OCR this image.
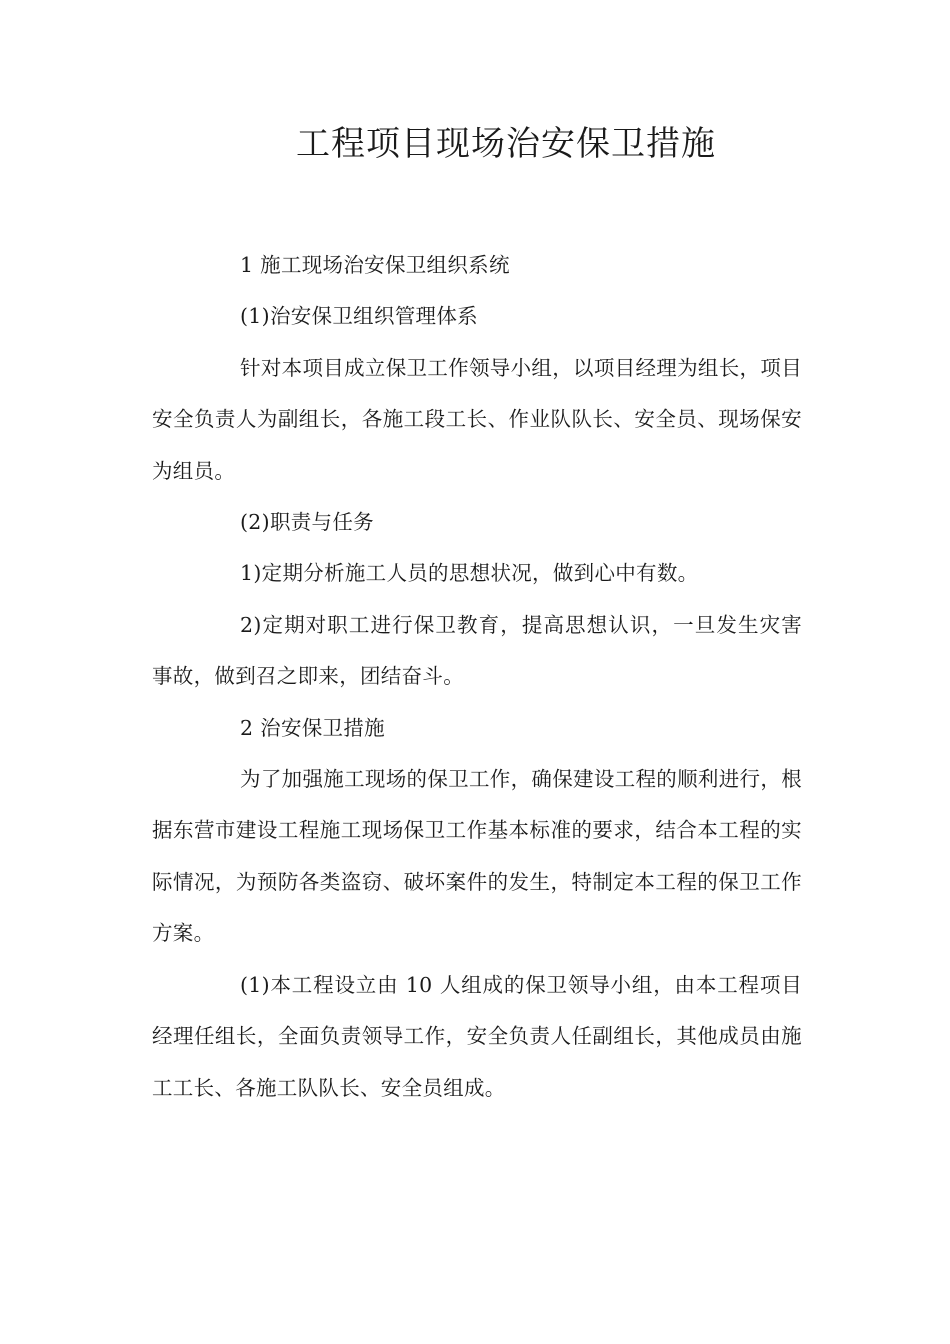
工程项目现场治安保卫措施

1 施工现场治安保卫组织系统

(1)治安保卫组织管理体系

针对本项目成立保卫工作领导小组，以项目经理为组长，项目安全负责人为副组长，各施工段工长、作业队队长、安全员、现场保安为组员。

(2)职责与任务

1)定期分析施工人员的思想状况，做到心中有数。

2)定期对职工进行保卫教育，提高思想认识，一旦发生灾害事故，做到召之即来，团结奋斗。

2 治安保卫措施

为了加强施工现场的保卫工作，确保建设工程的顺利进行，根据东营市建设工程施工现场保卫工作基本标准的要求，结合本工程的实际情况，为预防各类盗窃、破坏案件的发生，特制定本工程的保卫工作方案。

(1)本工程设立由 10 人组成的保卫领导小组，由本工程项目经理任组长，全面负责领导工作，安全负责人任副组长，其他成员由施工工长、各施工队队长、安全员组成。
